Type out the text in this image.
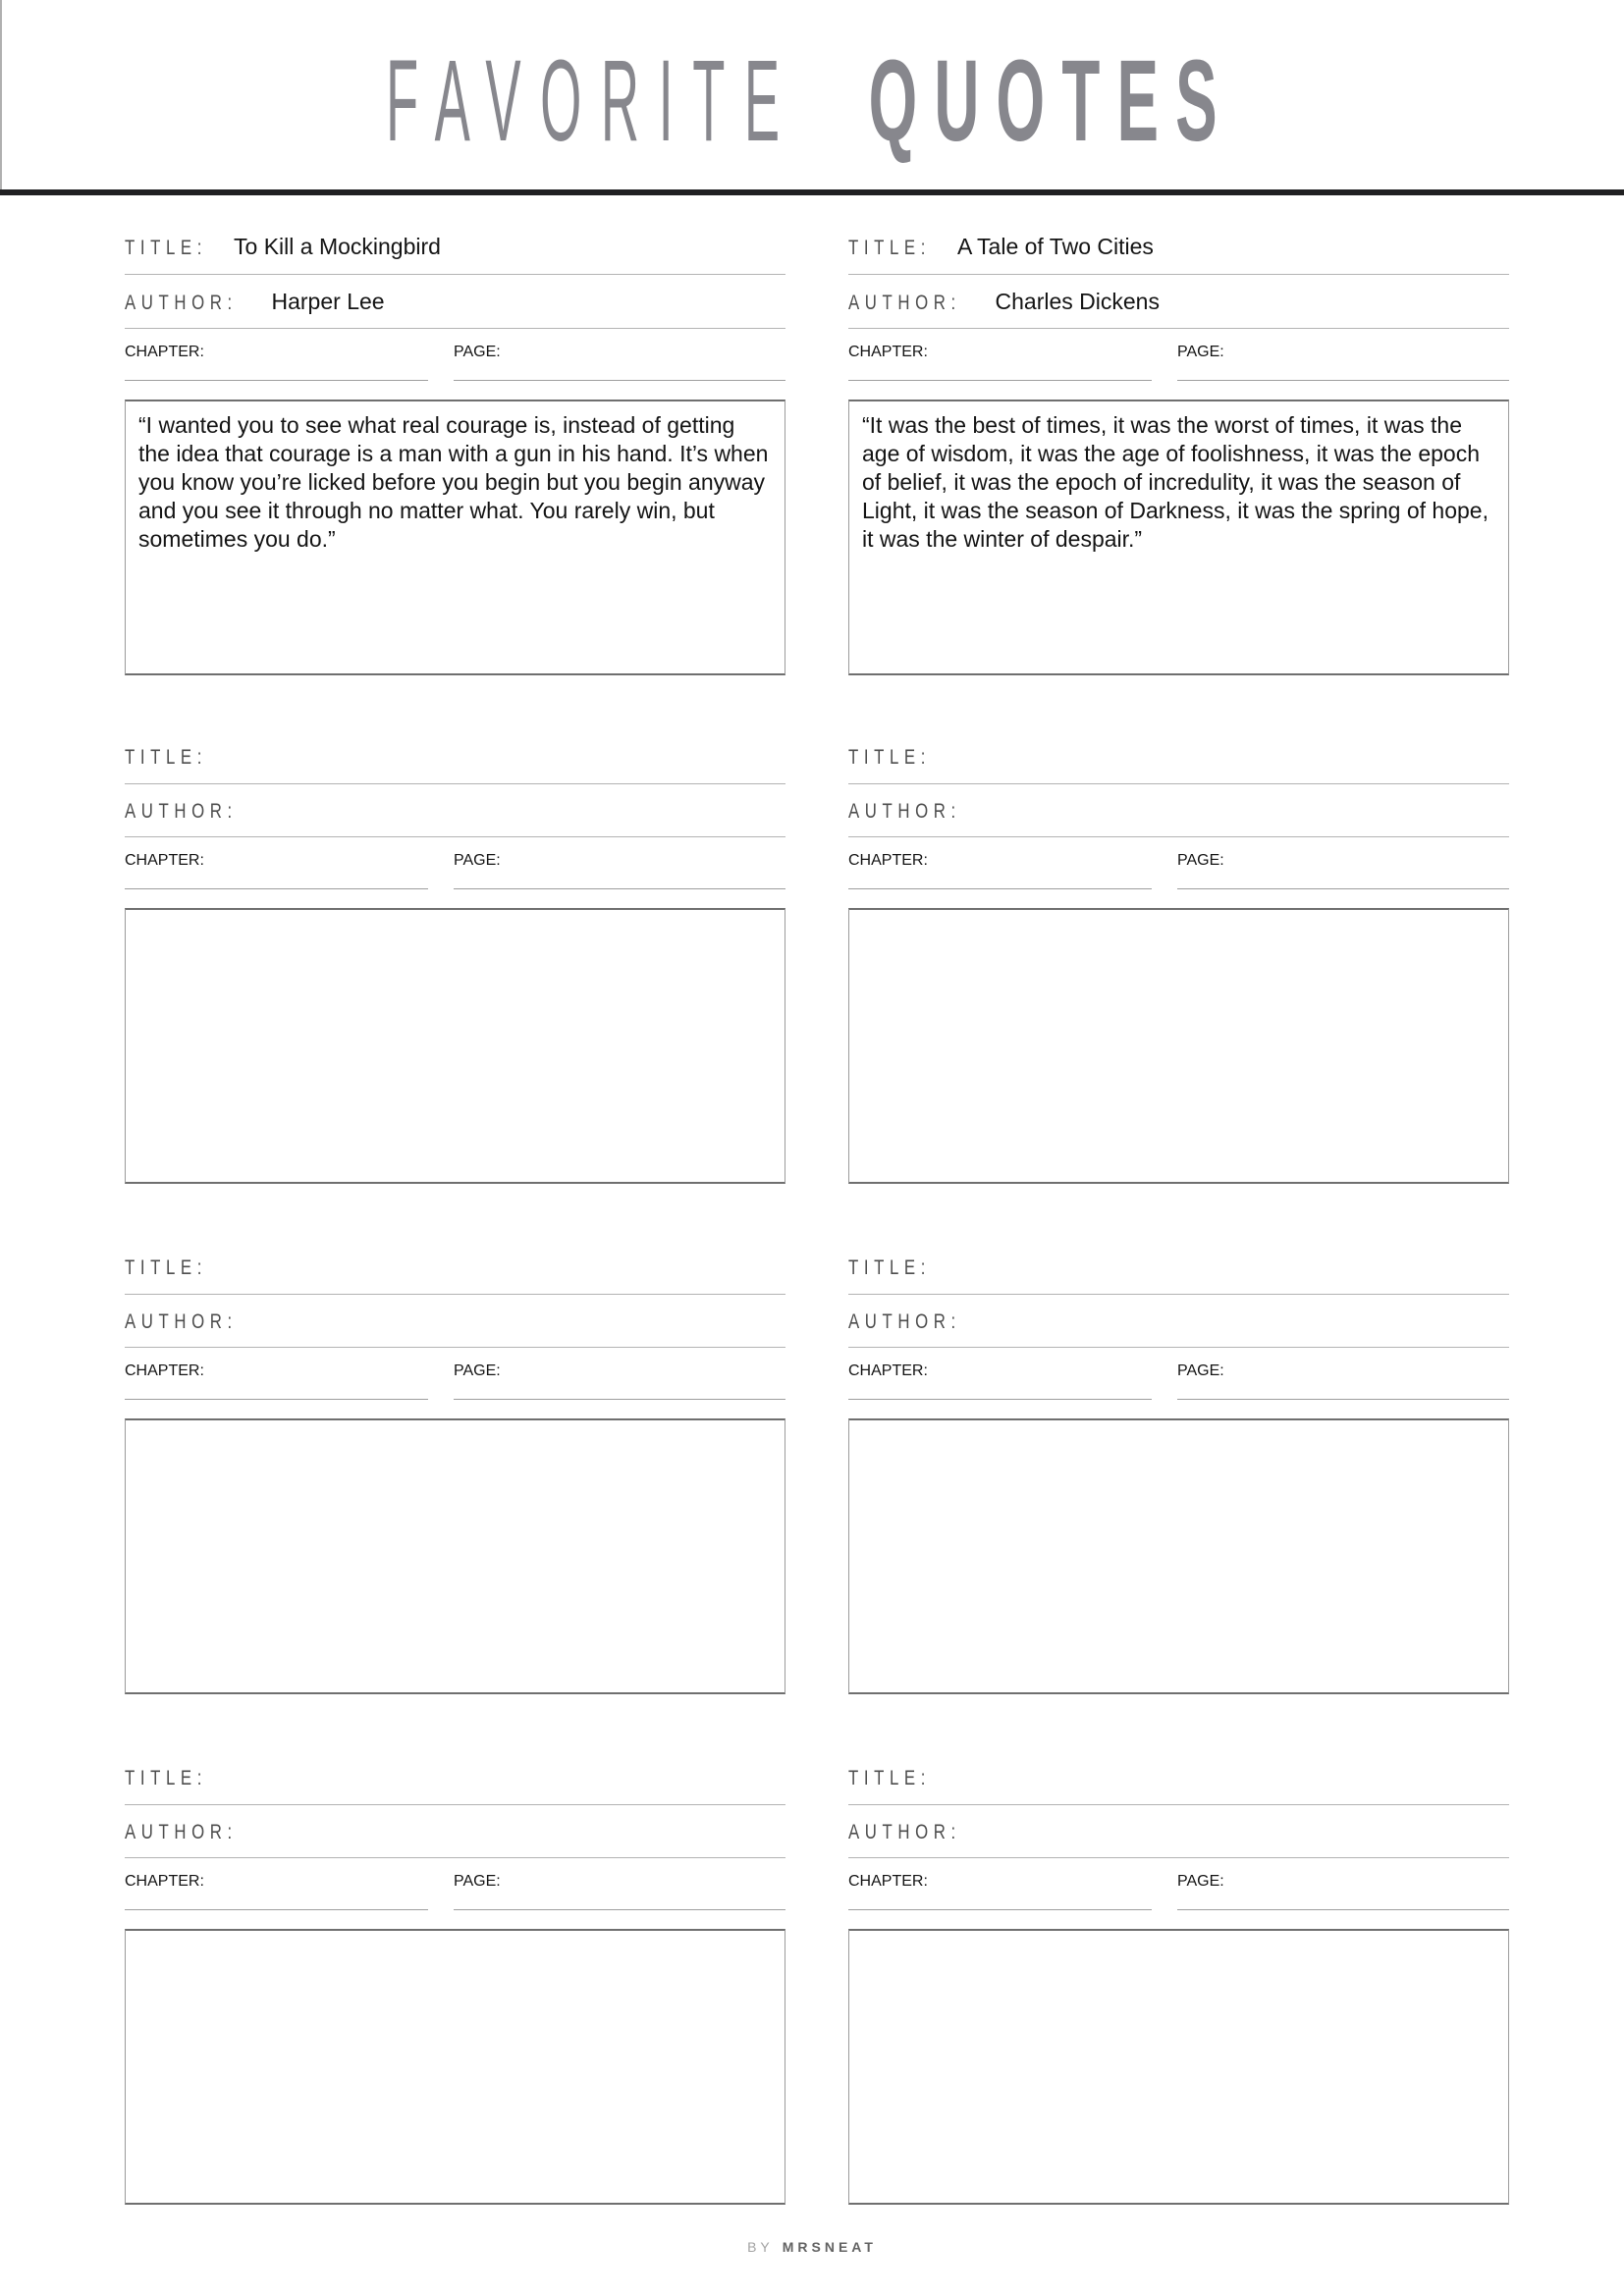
FAVORITE QUOTES
TITLE: To Kill a Mockingbird
AUTHOR: Harper Lee
CHAPTER:	PAGE:

“I wanted you to see what real courage is, instead of getting the idea that courage is a man with a gun in his hand. It’s when you know you’re licked before you begin but you begin anyway and you see it through no matter what. You rarely win, but sometimes you do.”

TITLE: A Tale of Two Cities
AUTHOR: Charles Dickens
CHAPTER:	PAGE:

“It was the best of times, it was the worst of times, it was the age of wisdom, it was the age of foolishness, it was the epoch of belief, it was the epoch of incredulity, it was the season of Light, it was the season of Darkness, it was the spring of hope, it was the winter of despair.”

TITLE:
AUTHOR:
CHAPTER:	PAGE:

TITLE:
AUTHOR:
CHAPTER:	PAGE:

TITLE:
AUTHOR:
CHAPTER:	PAGE:

TITLE:
AUTHOR:
CHAPTER:	PAGE:

TITLE:
AUTHOR:
CHAPTER:	PAGE:

TITLE:
AUTHOR:
CHAPTER:	PAGE:

BY MRSNEAT
